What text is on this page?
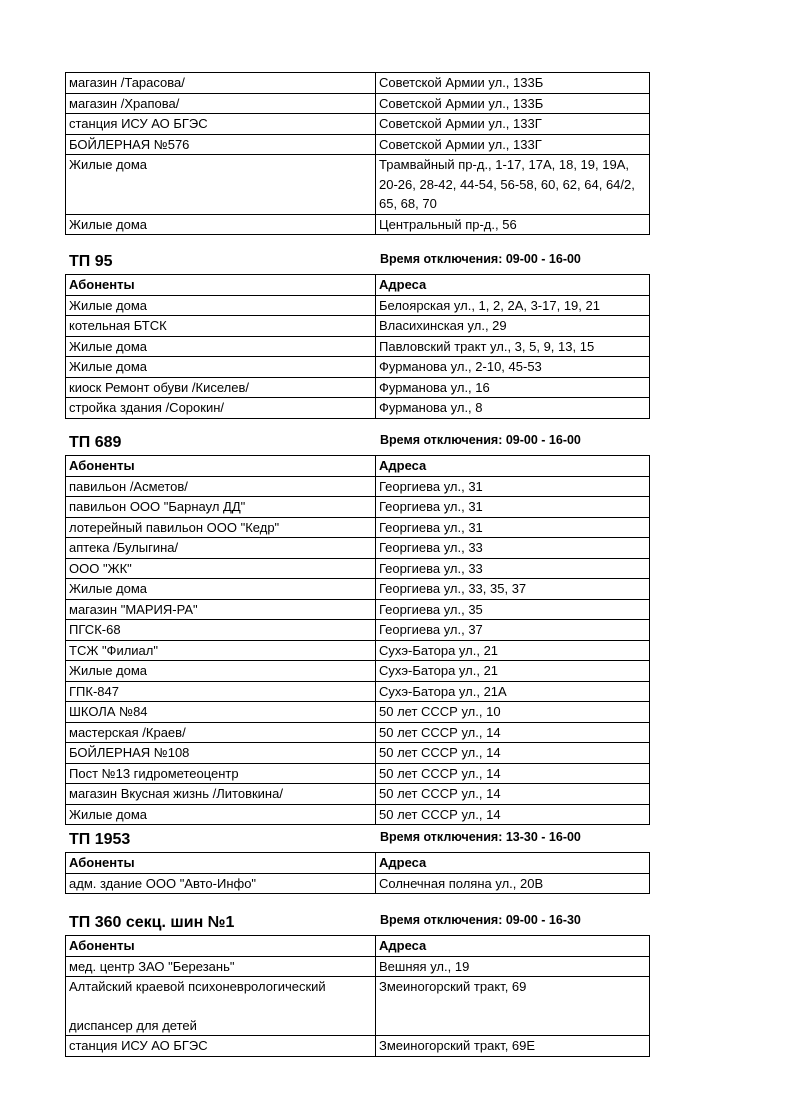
магазин /Тарасова/	Советской Армии ул., 133Б
магазин /Храпова/	Советской Армии ул., 133Б
станция ИСУ АО БГЭС	Советской Армии ул., 133Г
БОЙЛЕРНАЯ №576	Советской Армии ул., 133Г
Жилые дома	Трамвайный пр-д., 1-17, 17А, 18, 19, 19А, 20-26, 28-42, 44-54, 56-58, 60, 62, 64, 64/2, 65, 68, 70
Жилые дома	Центральный пр-д., 56
ТП 95	Время отключения: 09-00 - 16-00
Абоненты	Адреса
Жилые дома	Белоярская ул., 1, 2, 2А, 3-17, 19, 21
котельная БТСК	Власихинская ул., 29
Жилые дома	Павловский тракт ул., 3, 5, 9, 13, 15
Жилые дома	Фурманова ул., 2-10, 45-53
киоск Ремонт обуви /Киселев/	Фурманова ул., 16
стройка здания /Сорокин/	Фурманова ул., 8
ТП 689	Время отключения: 09-00 - 16-00
Абоненты	Адреса
павильон /Асметов/	Георгиева ул., 31
павильон ООО "Барнаул ДД"	Георгиева ул., 31
лотерейный павильон ООО "Кедр"	Георгиева ул., 31
аптека /Булыгина/	Георгиева ул., 33
ООО "ЖК"	Георгиева ул., 33
Жилые дома	Георгиева ул., 33, 35, 37
магазин "МАРИЯ-РА"	Георгиева ул., 35
ПГСК-68	Георгиева ул., 37
ТСЖ "Филиал"	Сухэ-Батора ул., 21
Жилые дома	Сухэ-Батора ул., 21
ГПК-847	Сухэ-Батора ул., 21А
ШКОЛА №84	50 лет СССР ул., 10
мастерская /Краев/	50 лет СССР ул., 14
БОЙЛЕРНАЯ №108	50 лет СССР ул., 14
Пост №13 гидрометеоцентр	50 лет СССР ул., 14
магазин Вкусная жизнь /Литовкина/	50 лет СССР ул., 14
Жилые дома	50 лет СССР ул., 14
ТП 1953	Время отключения: 13-30 - 16-00
Абоненты	Адреса
адм. здание ООО "Авто-Инфо"	Солнечная поляна ул., 20В
ТП 360 секц. шин №1	Время отключения: 09-00 - 16-30
Абоненты	Адреса
мед. центр ЗАО "Березань"	Вешняя ул., 19

Алтайский краевой психоневрологический
диспансер для детей	Змеиногорский тракт, 69
станция ИСУ АО БГЭС	Змеиногорский тракт, 69Е
